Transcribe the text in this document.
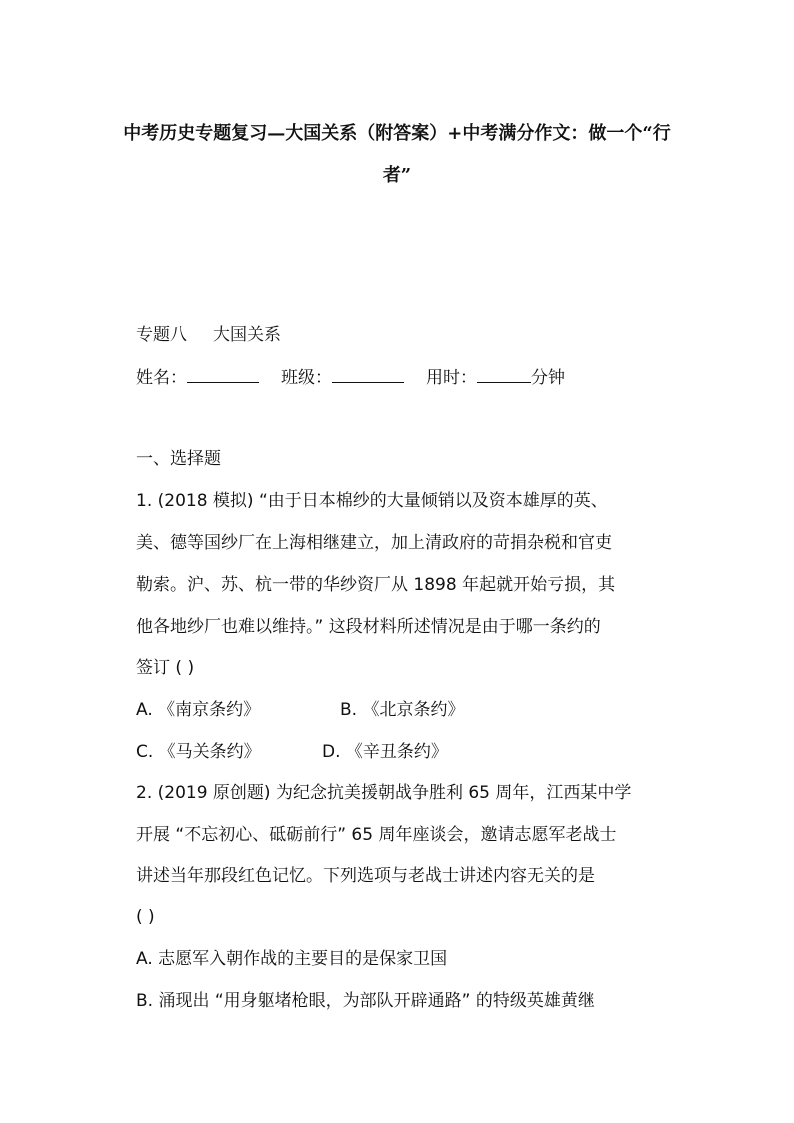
中考历史专题复习—大国关系（附答案）+中考满分作文：做一个“行
者”
专题八 大国关系
姓名：	班级：	用时：	分钟
一、选择题
1. (2018 模拟) “由于日本棉纱的大量倾销以及资本雄厚的英、
美、德等国纱厂在上海相继建立，加上清政府的苛捐杂税和官吏
勒索。沪、苏、杭一带的华纱资厂从 1898 年起就开始亏损，其
他各地纱厂也难以维持。” 这段材料所述情况是由于哪一条约的
签订 ( )
A. 《南京条约》	B. 《北京条约》
C. 《马关条约》	D. 《辛丑条约》
2. (2019 原创题) 为纪念抗美援朝战争胜利 65 周年，江西某中学
开展 “不忘初心、砥砺前行” 65 周年座谈会，邀请志愿军老战士
讲述当年那段红色记忆。下列选项与老战士讲述内容无关的是
( )
A. 志愿军入朝作战的主要目的是保家卫国
B. 涌现出 “用身躯堵枪眼，为部队开辟通路” 的特级英雄黄继
